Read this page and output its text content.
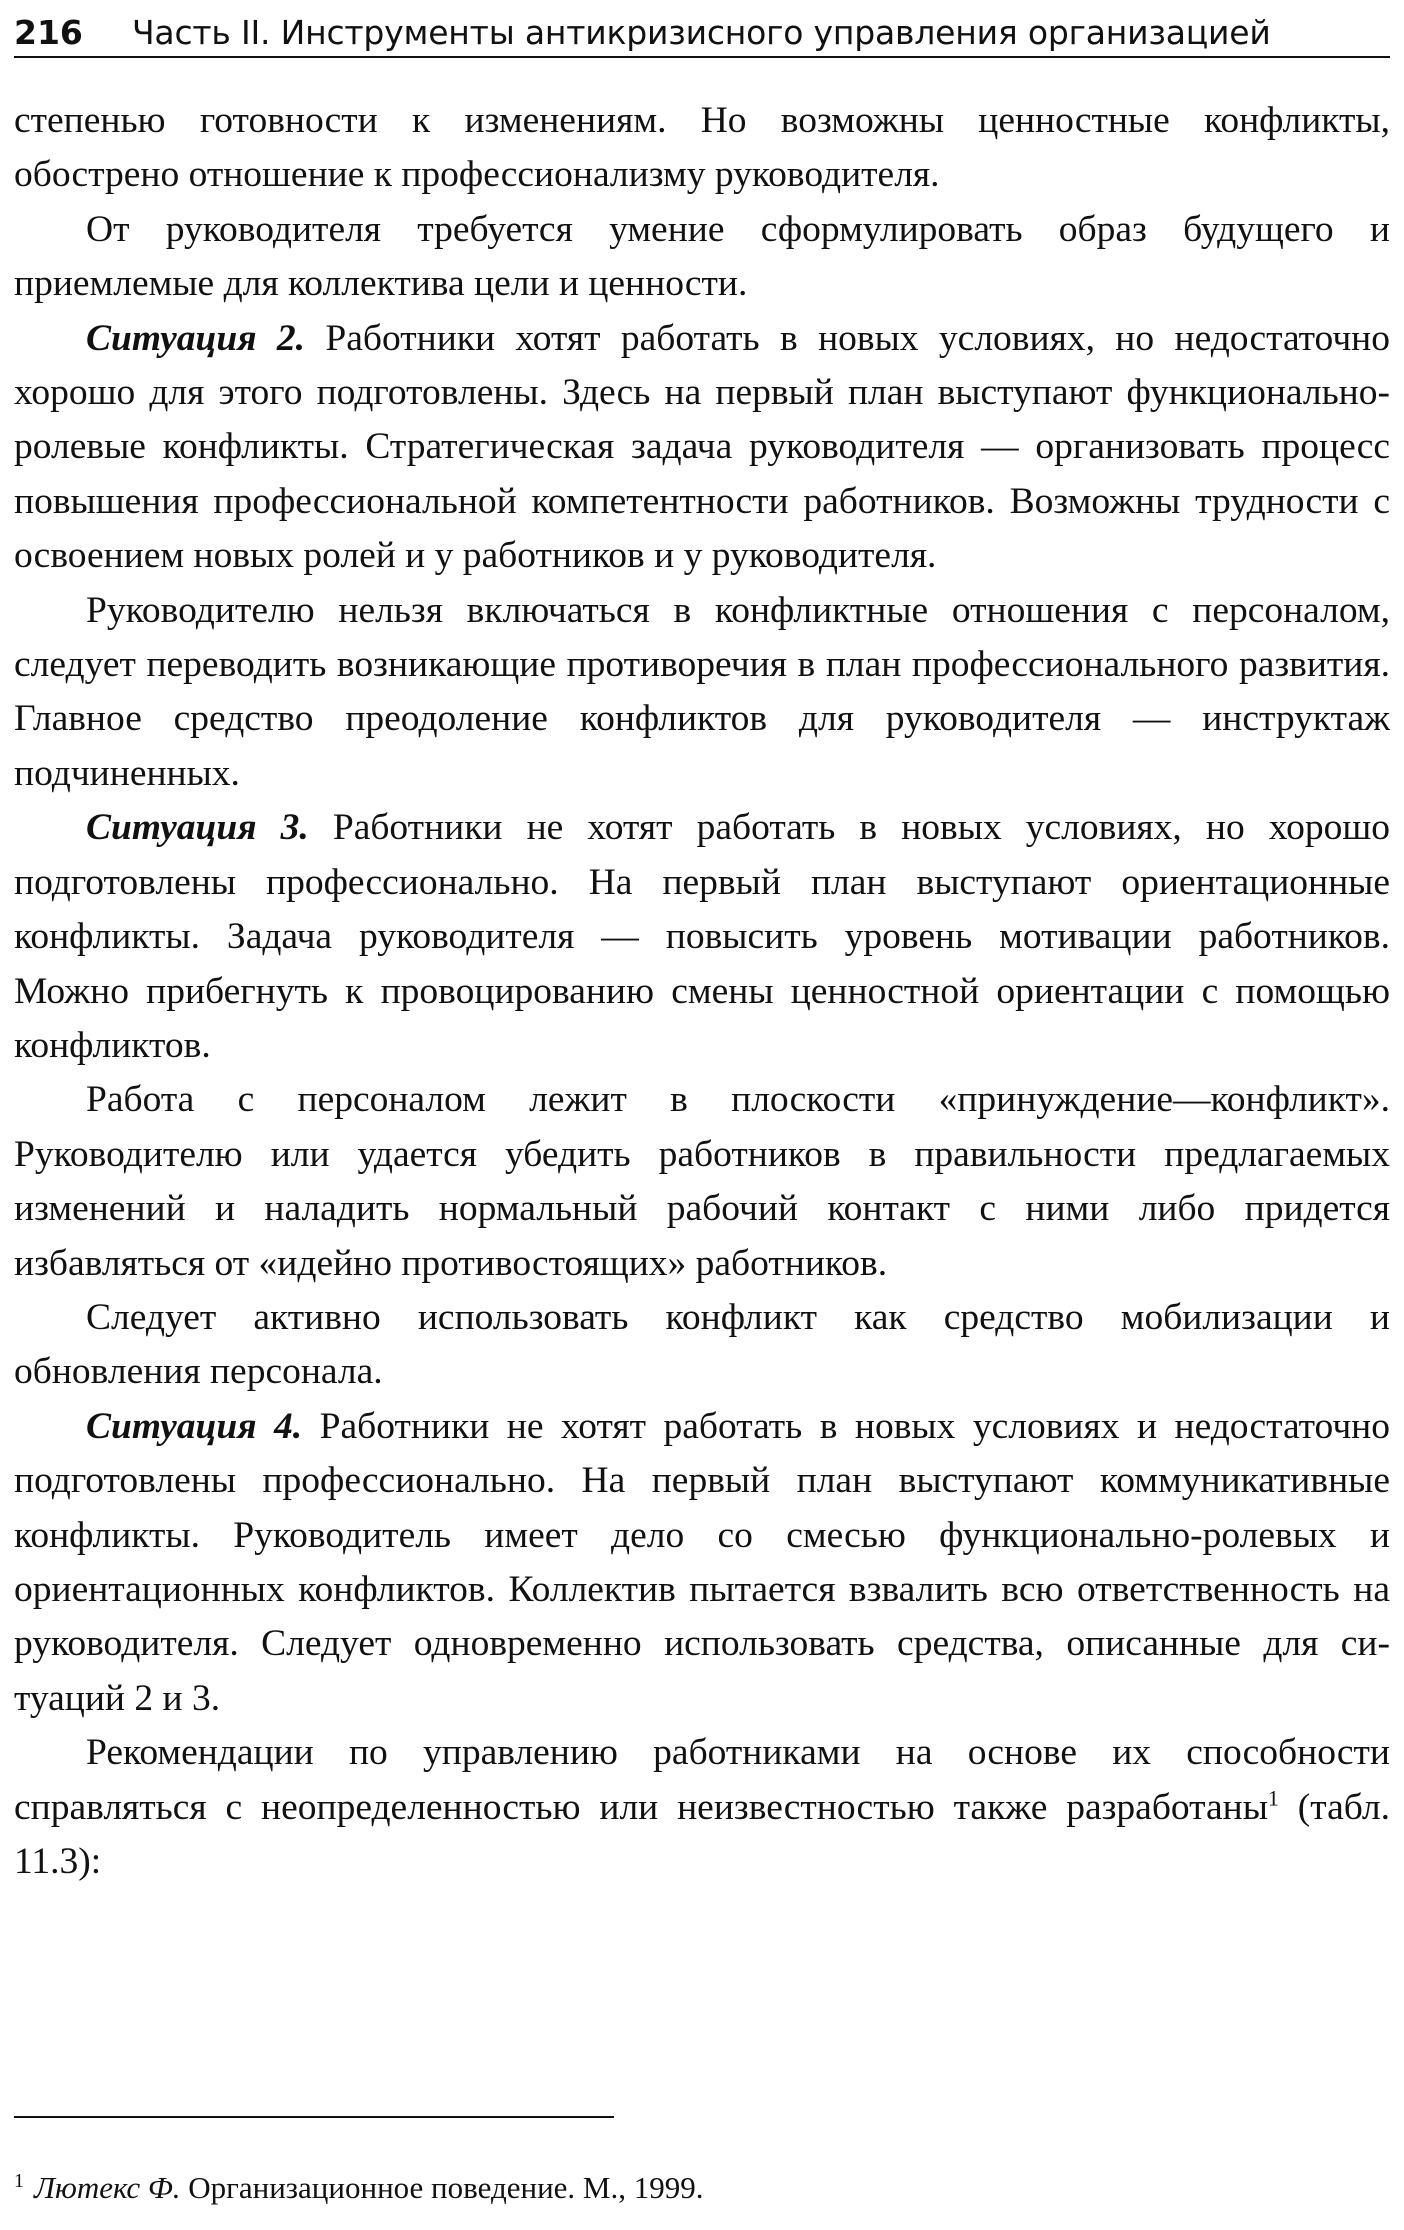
216 Часть II. Инструменты антикризисного управления организацией

степенью готовности к изменениям. Но возможны ценностные конфликты, обострено отношение к профессионализму руководителя.

От руководителя требуется умение сформулировать образ будущего и приемлемые для коллектива цели и ценности.

Ситуация 2. Работники хотят работать в новых условиях, но недостаточно хорошо для этого подготовлены. Здесь на первый план выступают функционально-ролевые конфликты. Стратегическая задача руководителя — организовать процесс повышения профессиональной компетентности работников. Возможны трудности с освоением новых ролей и у работников и у руководителя.

Руководителю нельзя включаться в конфликтные отношения с персоналом, следует переводить возникающие противоречия в план профессионального развития. Главное средство преодоление конфликтов для руководителя — инструктаж подчиненных.

Ситуация 3. Работники не хотят работать в новых условиях, но хорошо подготовлены профессионально. На первый план выступают ориентационные конфликты. Задача руководителя — повысить уровень мотивации работников. Можно прибегнуть к провоцированию смены ценностной ориентации с помощью конфликтов.

Работа с персоналом лежит в плоскости «принуждение—конфликт». Руководителю или удается убедить работников в правильности предлагаемых изменений и наладить нормальный рабочий контакт с ними либо придется избавляться от «идейно противостоящих» работников.

Следует активно использовать конфликт как средство мобилизации и обновления персонала.

Ситуация 4. Работники не хотят работать в новых условиях и недостаточно подготовлены профессионально. На первый план выступают коммуникативные конфликты. Руководитель имеет дело со смесью функционально-ролевых и ориентационных конфликтов. Коллектив пытается взвалить всю ответственность на руководителя. Следует одновременно использовать средства, описанные для ситуаций 2 и 3.

Рекомендации по управлению работниками на основе их способности справляться с неопределенностью или неизвестностью также разработаны$^1$ (табл. 11.3):

$^1$ Лютекс Ф. Организационное поведение. М., 1999.
